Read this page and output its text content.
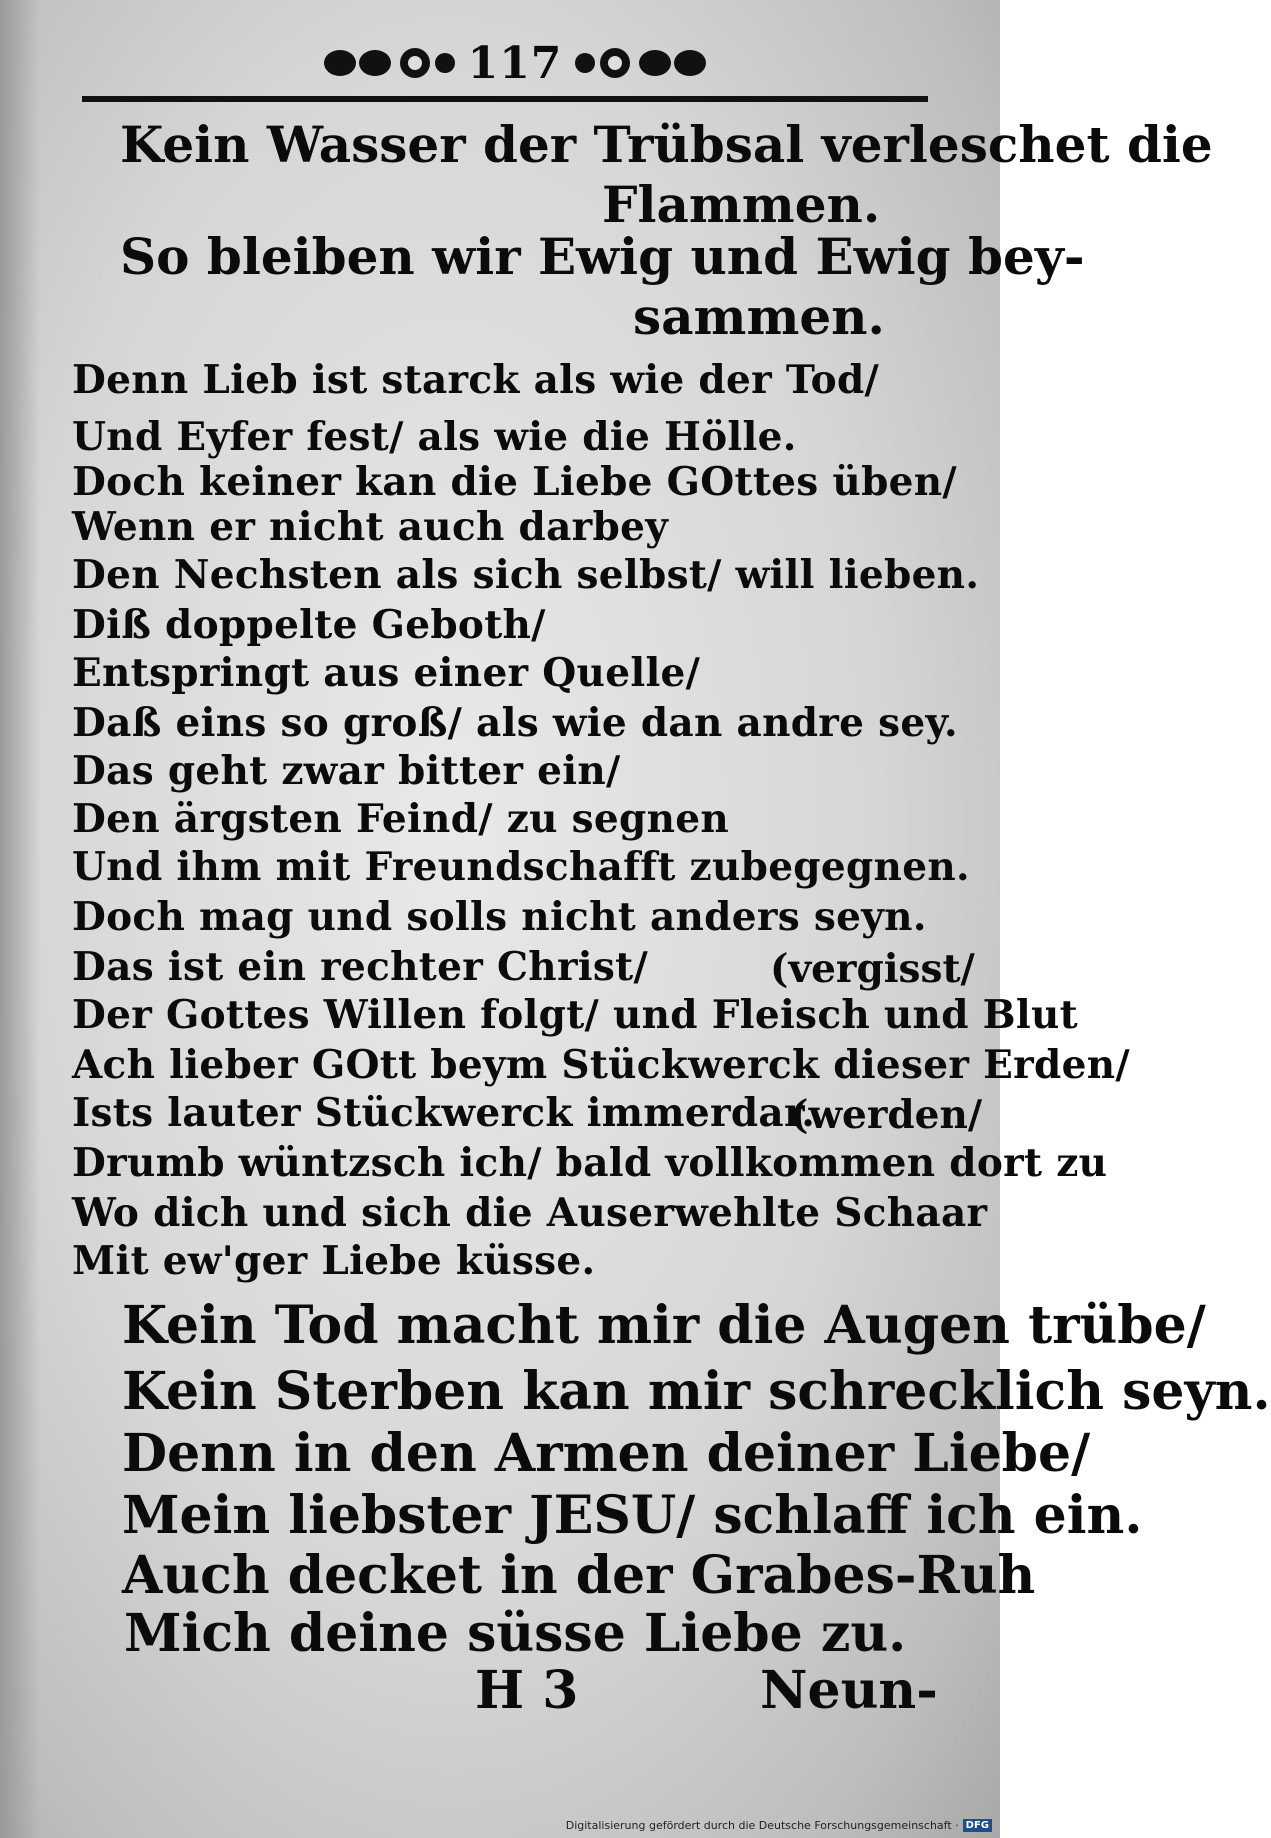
117
Kein Wasser der Trübsal verleschet die
Flammen.
So bleiben wir Ewig und Ewig bey-
sammen.
Denn Lieb ist starck als wie der Tod/
Und Eyfer fest/ als wie die Hölle.
Doch keiner kan die Liebe GOttes üben/
Wenn er nicht auch darbey
Den Nechsten als sich selbst/ will lieben.
Diß doppelte Geboth/
Entspringt aus einer Quelle/
Daß eins so groß/ als wie dan andre sey.
Das geht zwar bitter ein/
Den ärgsten Feind/ zu segnen
Und ihm mit Freundschafft zubegegnen.
Doch mag und solls nicht anders seyn.
Das ist ein rechter Christ/	(vergisst/
Der Gottes Willen folgt/ und Fleisch und Blut
Ach lieber GOtt beym Stückwerck dieser Erden/
Ists lauter Stückwerck immerdar.
(werden/
Drumb wüntzsch ich/ bald vollkommen dort zu
Wo dich und sich die Auserwehlte Schaar
Mit ew'ger Liebe küsse.
Kein Tod macht mir die Augen trübe/
Kein Sterben kan mir schrecklich seyn.
Denn in den Armen deiner Liebe/
Mein liebster JESU/ schlaff ich ein.
Auch decket in der Grabes-Ruh
Mich deine süsse Liebe zu.
H 3	Neun-
Digitalisierung gefördert durch die Deutsche Forschungsgemeinschaft · DFG
